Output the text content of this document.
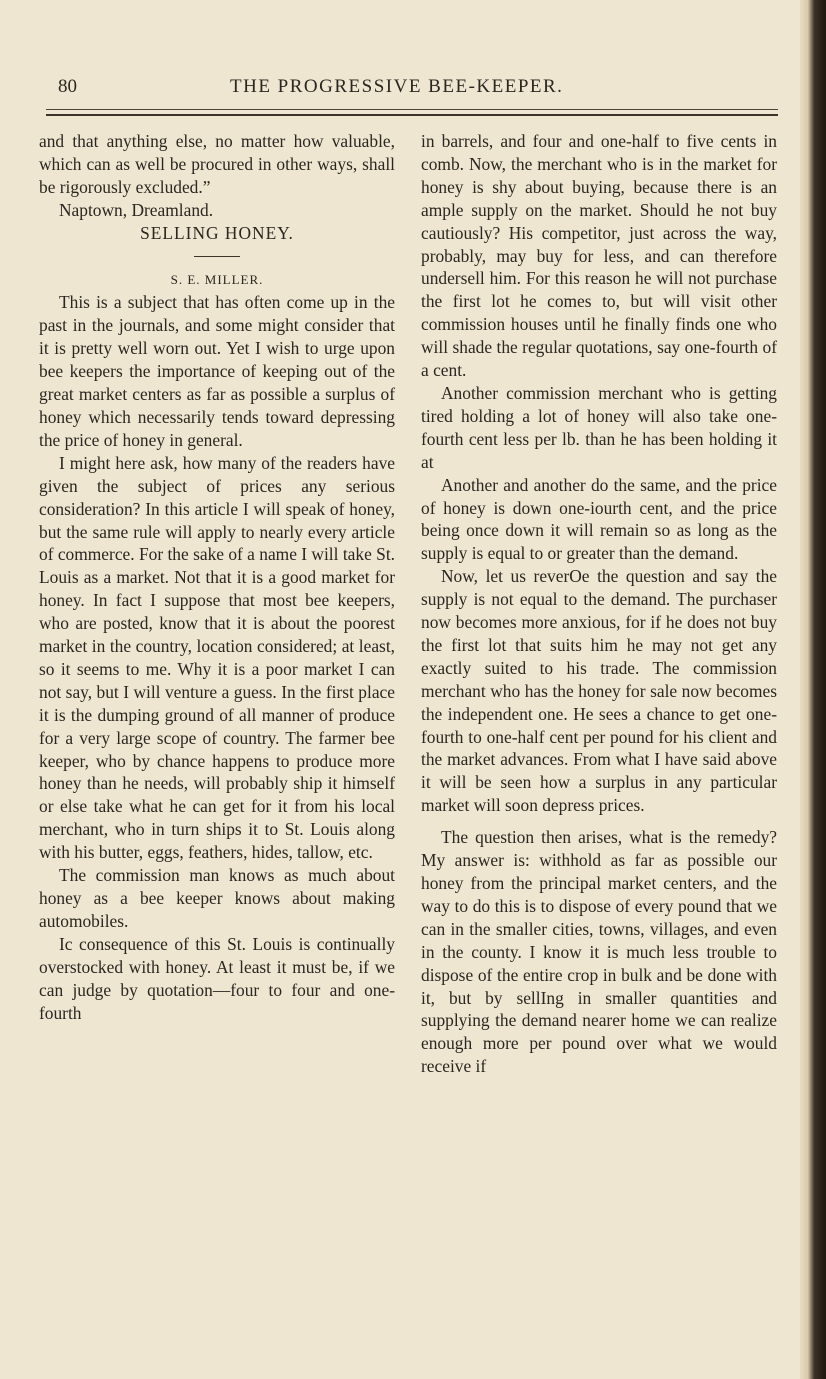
80	THE PROGRESSIVE BEE-KEEPER.

and that anything else, no matter how valuable, which can as well be procured in other ways, shall be rigorously excluded.”

Naptown, Dreamland.

SELLING HONEY.

S. E. MILLER.

This is a subject that has often come up in the past in the journals, and some might consider that it is pretty well worn out. Yet I wish to urge upon bee keepers the importance of keeping out of the great market centers as far as possible a surplus of honey which necessarily tends toward depressing the price of honey in general.

I might here ask, how many of the readers have given the subject of prices any serious consideration? In this article I will speak of honey, but the same rule will apply to nearly every article of commerce. For the sake of a name I will take St. Louis as a market. Not that it is a good market for honey. In fact I suppose that most bee keepers, who are posted, know that it is about the poorest market in the country, location considered; at least, so it seems to me. Why it is a poor market I can not say, but I will venture a guess. In the first place it is the dumping ground of all manner of produce for a very large scope of country. The farmer bee keeper, who by chance happens to produce more honey than he needs, will probably ship it himself or else take what he can get for it from his local merchant, who in turn ships it to St. Louis along with his butter, eggs, feathers, hides, tallow, etc.

The commission man knows as much about honey as a bee keeper knows about making automobiles.

Ic consequence of this St. Louis is continually overstocked with honey. At least it must be, if we can judge by quotation—four to four and one-fourth

in barrels, and four and one-half to five cents in comb. Now, the merchant who is in the market for honey is shy about buying, because there is an ample supply on the market. Should he not buy cautiously? His competitor, just across the way, probably, may buy for less, and can therefore undersell him. For this reason he will not purchase the first lot he comes to, but will visit other commission houses until he finally finds one who will shade the regular quotations, say one-fourth of a cent.

Another commission merchant who is getting tired holding a lot of honey will also take one-fourth cent less per lb. than he has been holding it at

Another and another do the same, and the price of honey is down one-iourth cent, and the price being once down it will remain so as long as the supply is equal to or greater than the demand.

Now, let us reverOe the question and say the supply is not equal to the demand. The purchaser now becomes more anxious, for if he does not buy the first lot that suits him he may not get any exactly suited to his trade. The commission merchant who has the honey for sale now becomes the independent one. He sees a chance to get one-fourth to one-half cent per pound for his client and the market advances. From what I have said above it will be seen how a surplus in any particular market will soon depress prices.

The question then arises, what is the remedy? My answer is: withhold as far as possible our honey from the principal market centers, and the way to do this is to dispose of every pound that we can in the smaller cities, towns, villages, and even in the county. I know it is much less trouble to dispose of the entire crop in bulk and be done with it, but by sellIng in smaller quantities and supplying the demand nearer home we can realize enough more per pound over what we would receive if
